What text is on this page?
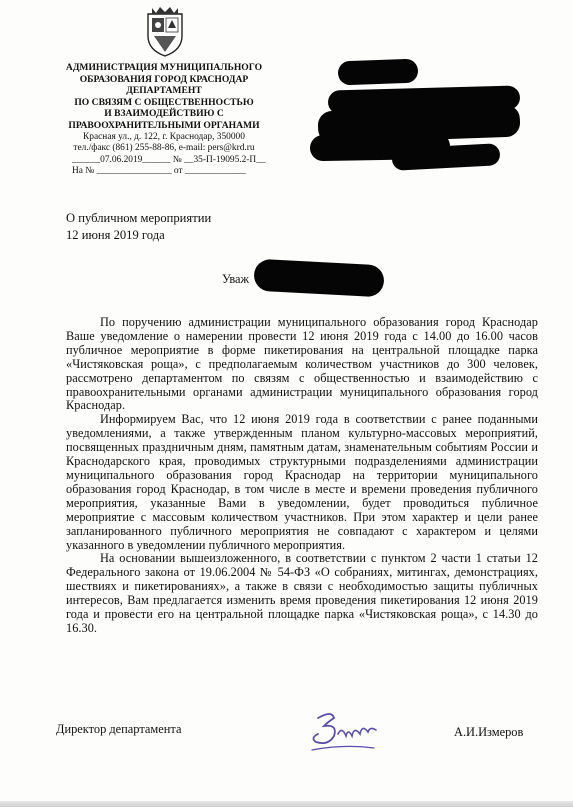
АДМИНИСТРАЦИЯ МУНИЦИПАЛЬНОГО
ОБРАЗОВАНИЯ ГОРОД КРАСНОДАР
ДЕПАРТАМЕНТ
ПО СВЯЗЯМ С ОБЩЕСТВЕННОСТЬЮ
И ВЗАИМОДЕЙСТВИЮ С
ПРАВООХРАНИТЕЛЬНЫМИ ОРГАНАМИ
Красная ул., д. 122, г. Краснодар, 350000
тел./факс (861) 255-88-86, e-mail: pers@krd.ru
______07.06.2019______ № __35-П-19095.2-П__
На № ________________ от _____________
О публичном мероприятии
12 июня 2019 года
Уваж

По поручению администрации муниципального образования город Краснодар Ваше уведомление о намерении провести 12 июня 2019 года с 14.00 до 16.00 часов публичное мероприятие в форме пикетирования на центральной площадке парка «Чистяковская роща», с предполагаемым количеством участников до 300 человек, рассмотрено департаментом по связям с общественностью и взаимодействию с правоохранительными органами администрации муниципального образования город Краснодар.

Информируем Вас, что 12 июня 2019 года в соответствии с ранее поданными уведомлениями, а также утвержденным планом культурно-массовых мероприятий, посвященных праздничным дням, памятным датам, знаменательным событиям России и Краснодарского края, проводимых структурными подразделениями администрации муниципального образования город Краснодар на территории муниципального образования город Краснодар, в том числе в месте и времени проведения публичного мероприятия, указанные Вами в уведомлении, будет проводиться публичное мероприятие с массовым количеством участников. При этом характер и цели ранее запланированного публичного мероприятия не совпадают с характером и целями указанного в уведомлении публичного мероприятия.

На основании вышеизложенного, в соответствии с пунктом 2 части 1 статьи 12 Федерального закона от 19.06.2004 № 54-ФЗ «О собраниях, митингах, демонстрациях, шествиях и пикетированиях», а также в связи с необходимостью защиты публичных интересов, Вам предлагается изменить время проведения пикетирования 12 июня 2019 года и провести его на центральной площадке парка «Чистяковская роща», с 14.30 до 16.30.

Директор департамента	А.И.Измеров
